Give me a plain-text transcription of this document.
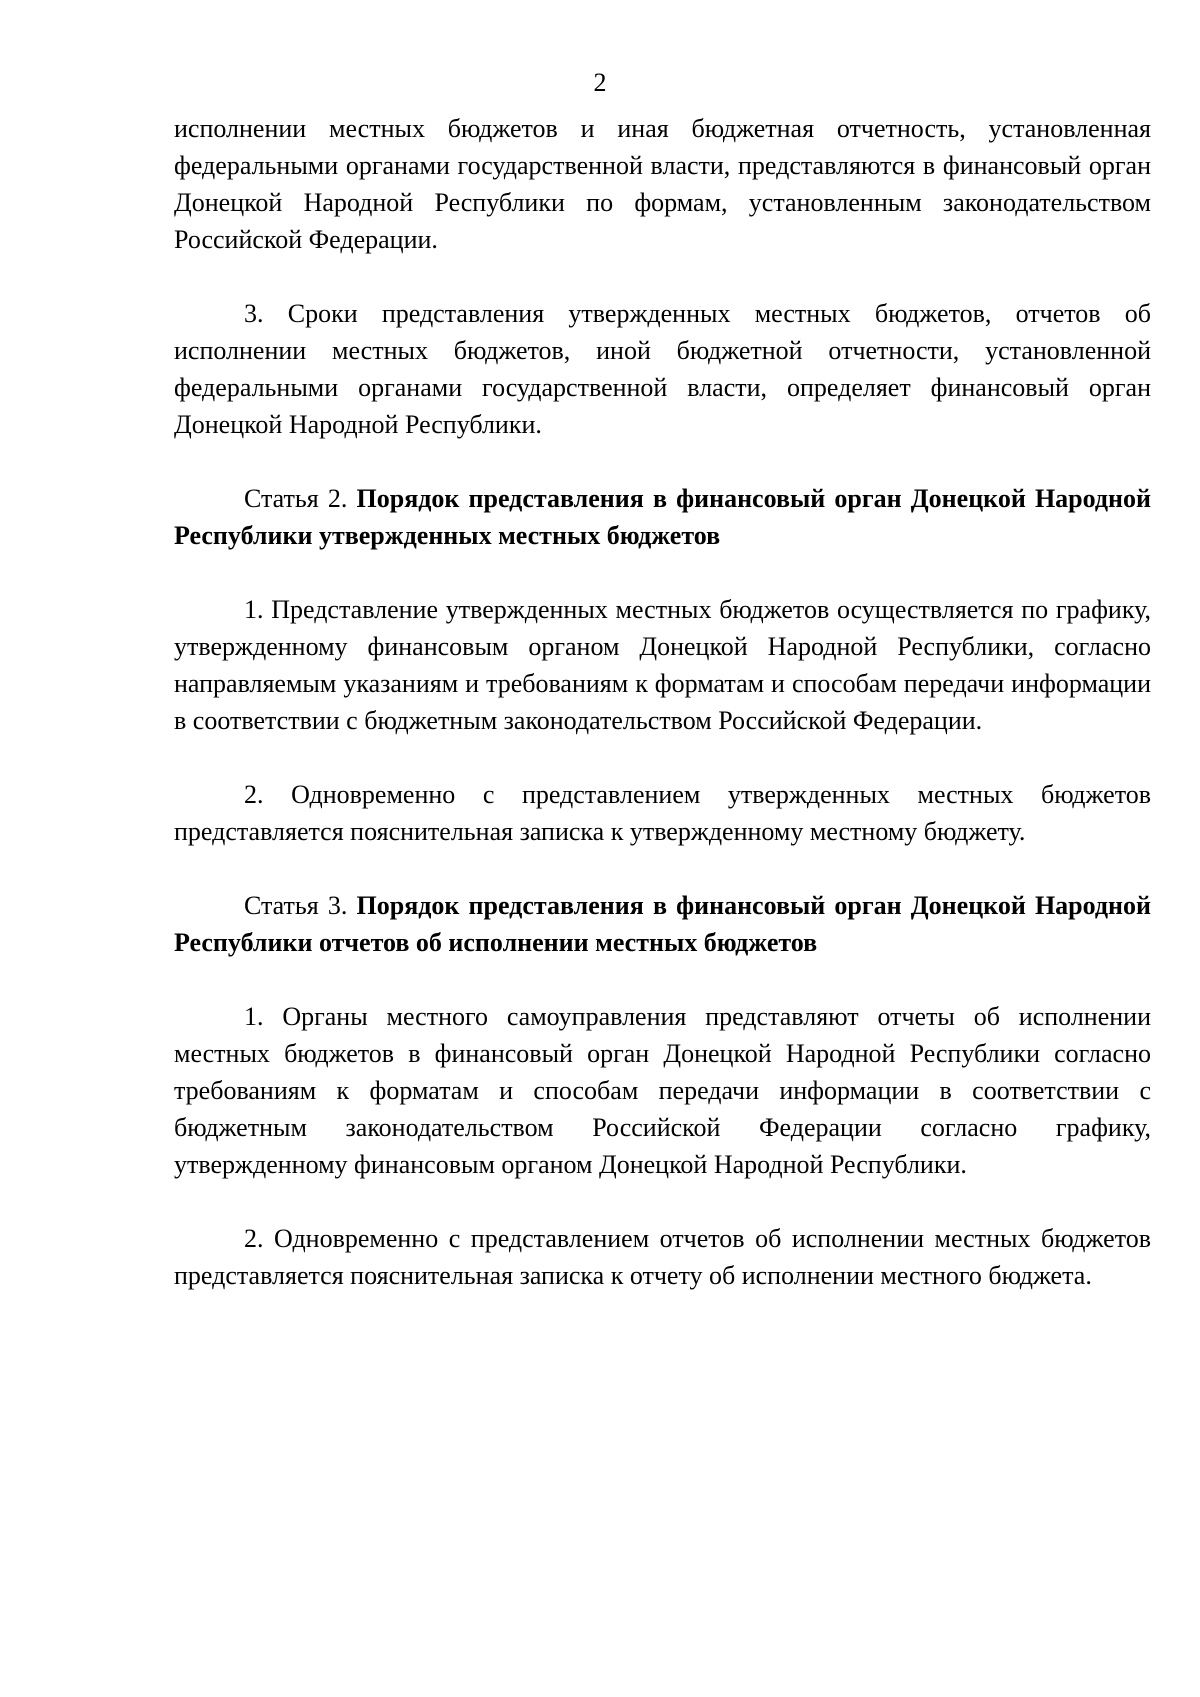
2

исполнении местных бюджетов и иная бюджетная отчетность, установленная федеральными органами государственной власти, представляются в финансовый орган Донецкой Народной Республики по формам, установленным законодательством Российской Федерации.

3. Сроки представления утвержденных местных бюджетов, отчетов об исполнении местных бюджетов, иной бюджетной отчетности, установленной федеральными органами государственной власти, определяет финансовый орган Донецкой Народной Республики.

Статья 2. Порядок представления в финансовый орган Донецкой Народной Республики утвержденных местных бюджетов

1. Представление утвержденных местных бюджетов осуществляется по графику, утвержденному финансовым органом Донецкой Народной Республики, согласно направляемым указаниям и требованиям к форматам и способам передачи информации в соответствии с бюджетным законодательством Российской Федерации.

2. Одновременно с представлением утвержденных местных бюджетов представляется пояснительная записка к утвержденному местному бюджету.

Статья 3. Порядок представления в финансовый орган Донецкой Народной Республики отчетов об исполнении местных бюджетов

1. Органы местного самоуправления представляют отчеты об исполнении местных бюджетов в финансовый орган Донецкой Народной Республики согласно требованиям к форматам и способам передачи информации в соответствии с бюджетным законодательством Российской Федерации согласно графику, утвержденному финансовым органом Донецкой Народной Республики.

2. Одновременно с представлением отчетов об исполнении местных бюджетов представляется пояснительная записка к отчету об исполнении местного бюджета.
